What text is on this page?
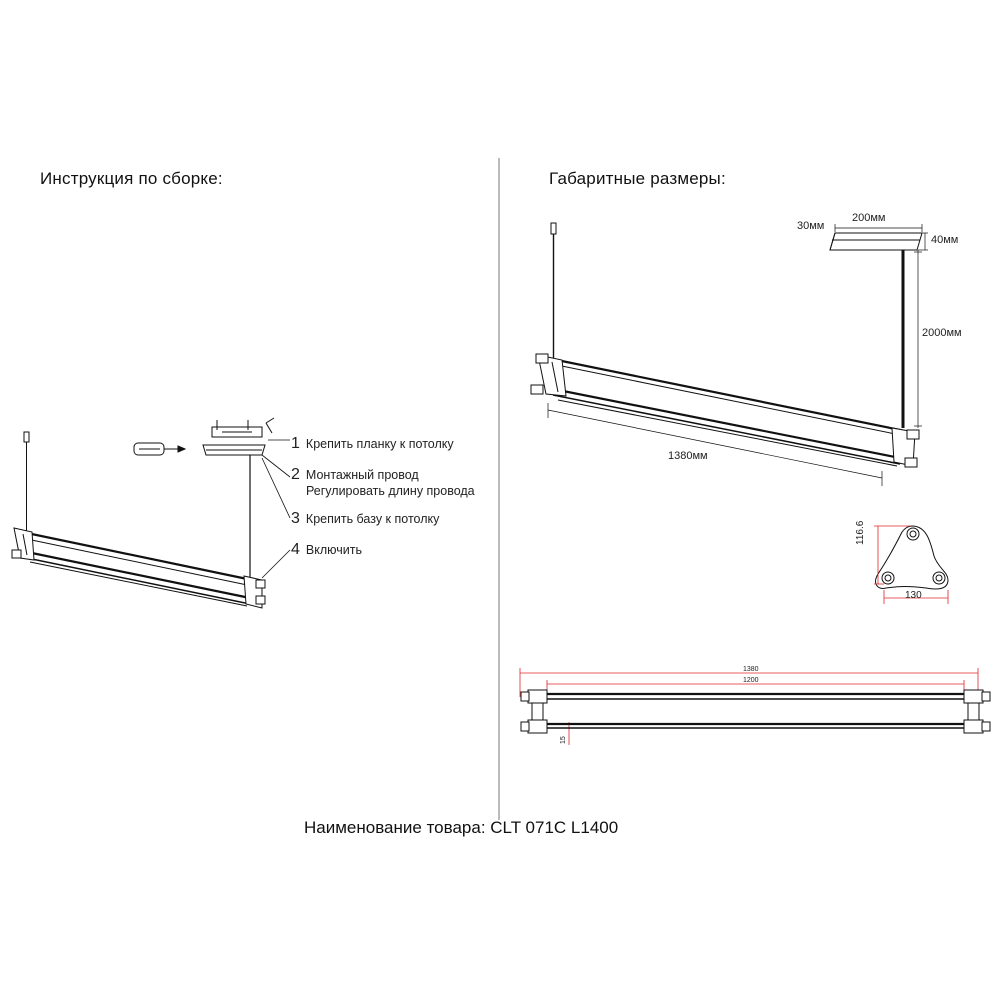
Инструкция по сборке:
1 Крепить планку к потолку
2 Монтажный провод
Регулировать длину провода
3 Крепить базу к потолку
4 Включить
Габаритные размеры:
200мм
30мм
40мм
2000мм
1380мм
116.6
130
1380
1200
15
Наименование товара: CLT 071C L1400
